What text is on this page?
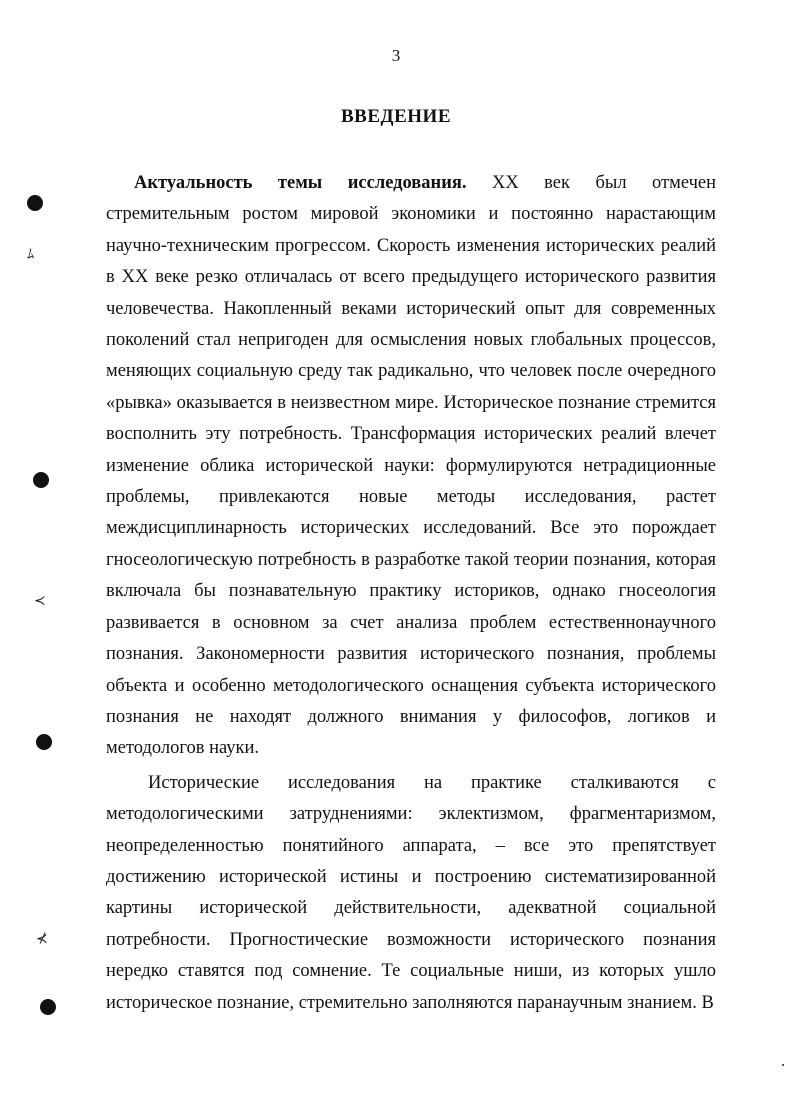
3
ВВЕДЕНИЕ

Актуальность темы исследования. XX век был отмечен стремительным ростом мировой экономики и постоянно нарастающим научно-техническим прогрессом. Скорость изменения исторических реалий в XX веке резко отличалась от всего предыдущего исторического развития человечества. Накопленный веками исторический опыт для современных поколений стал непригоден для осмысления новых глобальных процессов, меняющих социальную среду так радикально, что человек после очередного «рывка» оказывается в неизвестном мире. Историческое познание стремится восполнить эту потребность. Трансформация исторических реалий влечет изменение облика исторической науки: формулируются нетрадиционные проблемы, привлекаются новые методы исследования, растет междисциплинарность исторических исследований. Все это порождает гносеологическую потребность в разработке такой теории познания, которая включала бы познавательную практику историков, однако гносеология развивается в основном за счет анализа проблем естественнонаучного познания. Закономерности развития исторического познания, проблемы объекта и особенно методологического оснащения субъекта исторического познания не находят должного внимания у философов, логиков и методологов науки.

Исторические исследования на практике сталкиваются с методологическими затруднениями: эклектизмом, фрагментаризмом, неопределенностью понятийного аппарата, – все это препятствует достижению исторической истины и построению систематизированной картины исторической действительности, адекватной социальной потребности. Прогностические возможности исторического познания нередко ставятся под сомнение. Те социальные ниши, из которых ушло историческое познание, стремительно заполняются паранаучным знанием. В

ﾑ
≺
⊀
